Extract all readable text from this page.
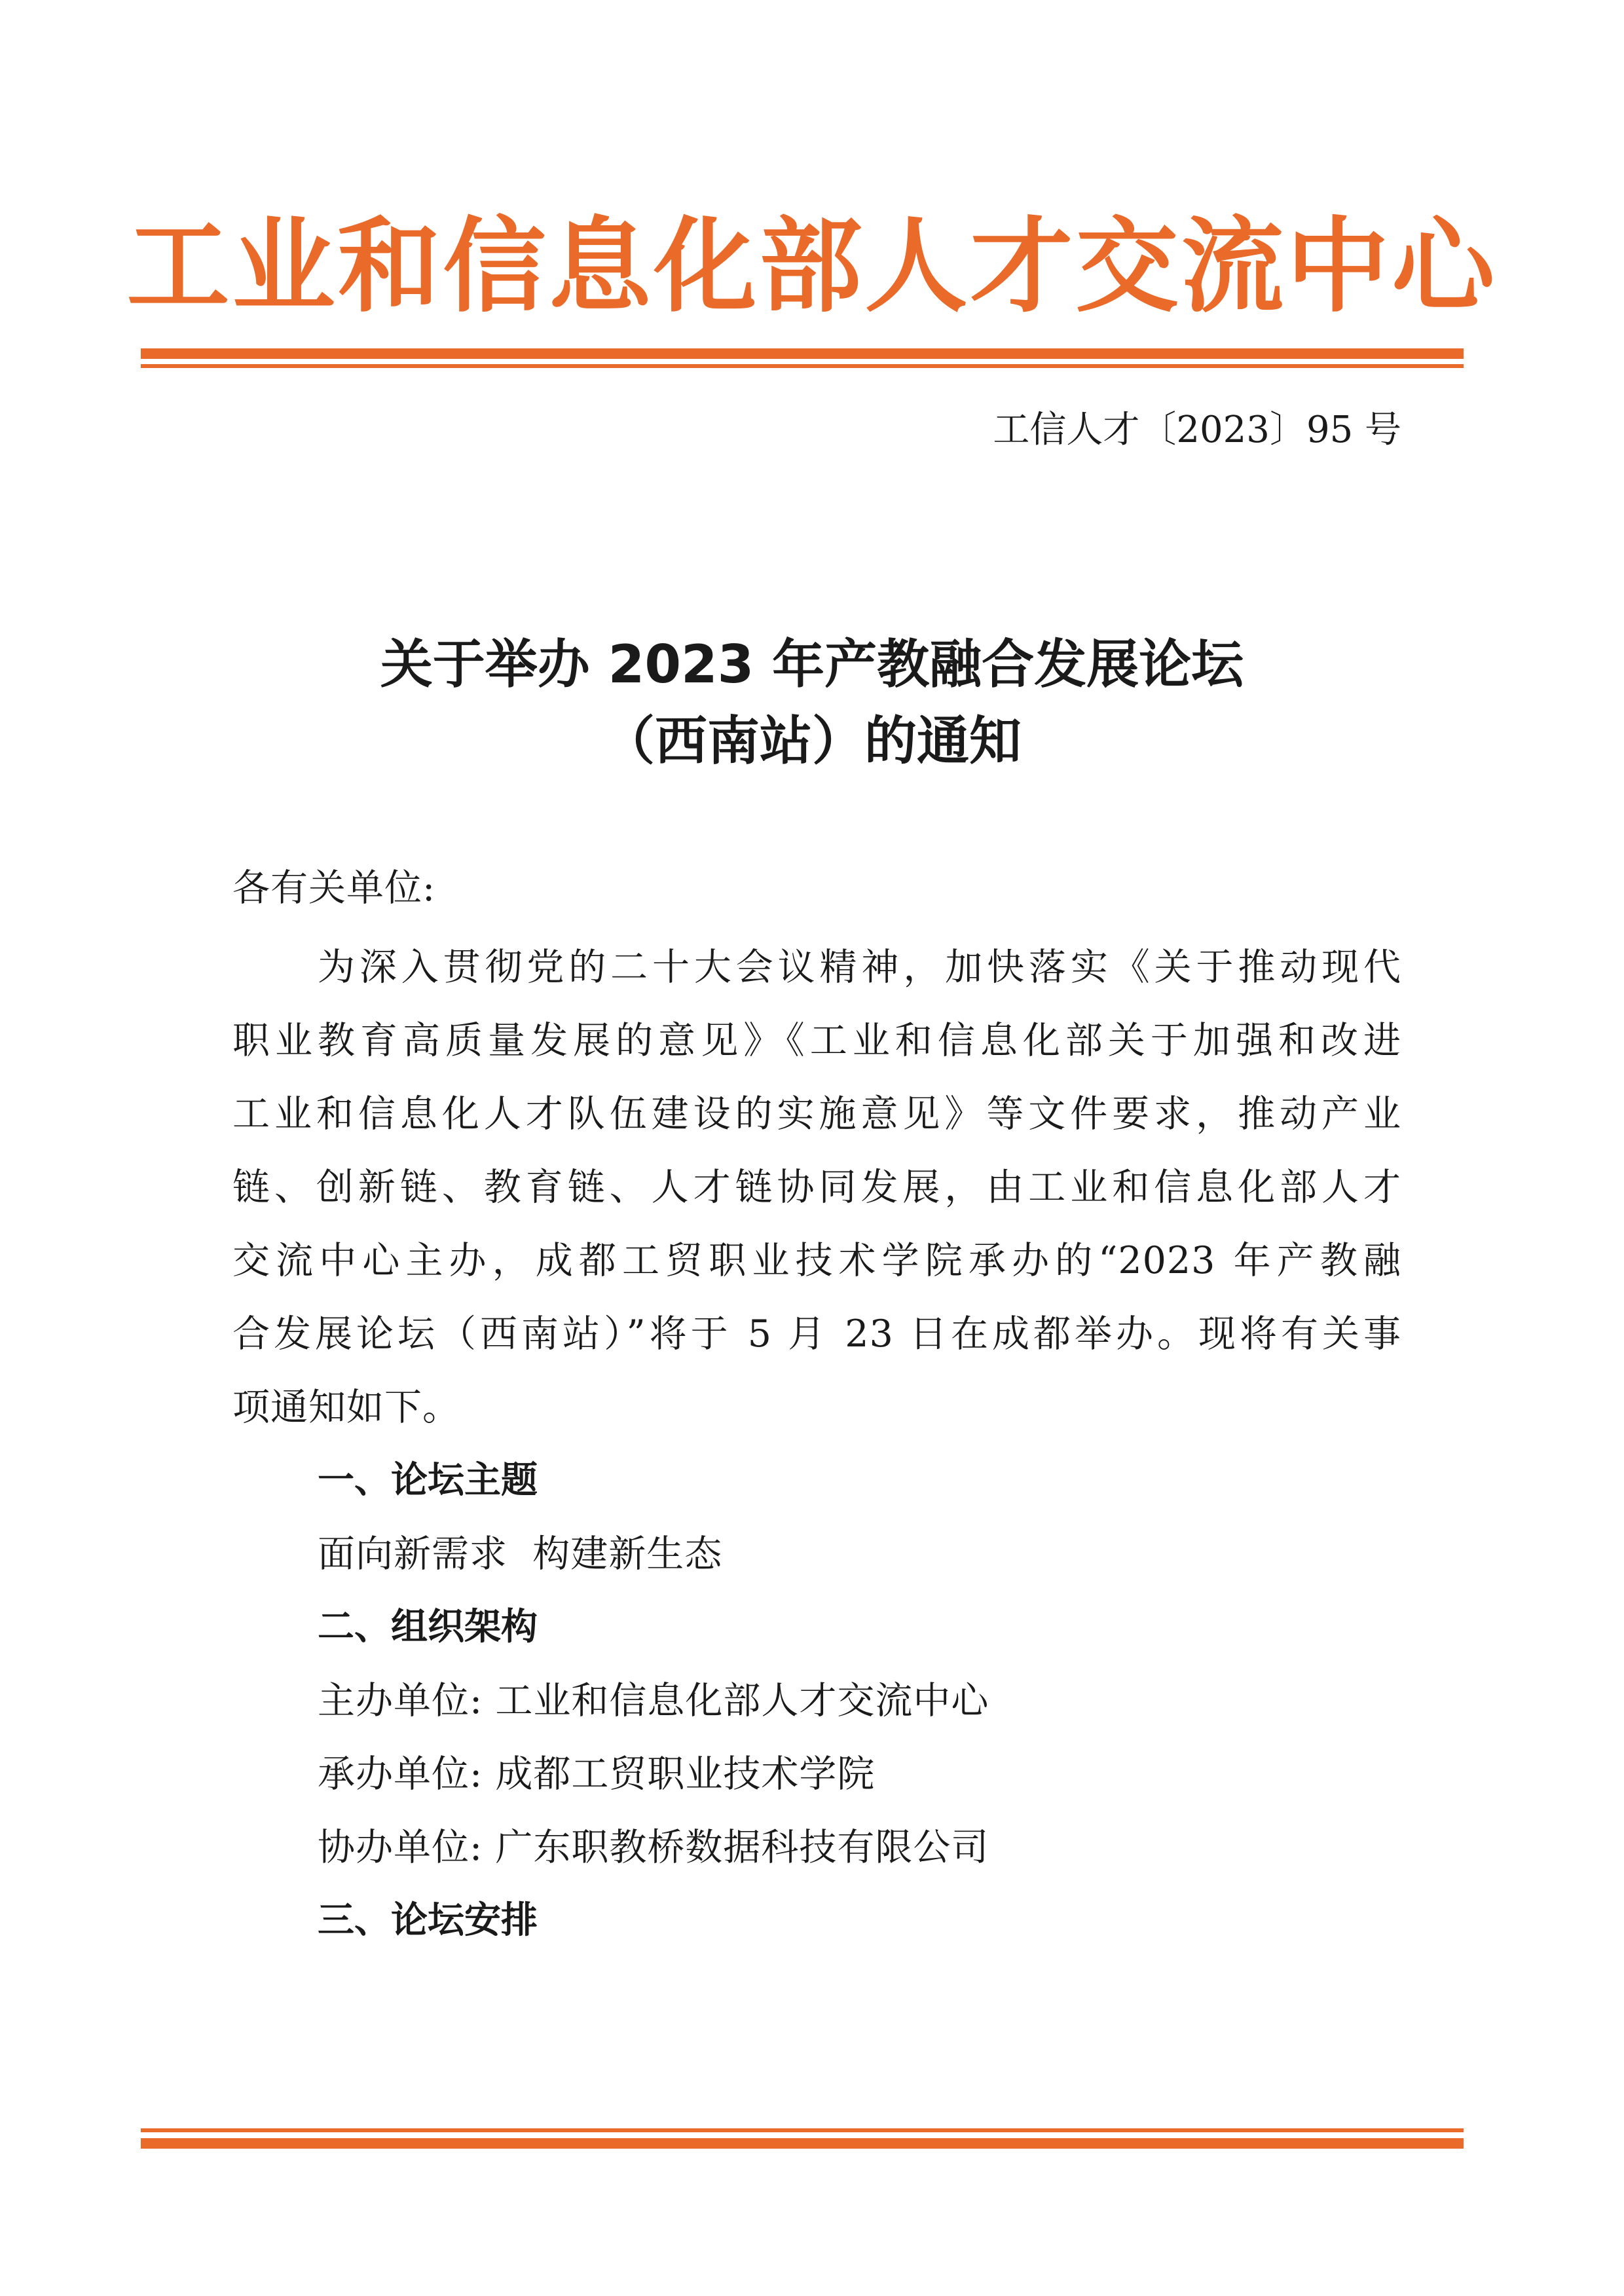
工业和信息化部人才交流中心
工信人才〔2023〕95 号
关于举办 2023 年产教融合发展论坛
（西南站）的通知
各有关单位:
为深入贯彻党的二十大会议精神，加快落实《关于推动现代
职业教育高质量发展的意见》《工业和信息化部关于加强和改进
工业和信息化人才队伍建设的实施意见》等文件要求，推动产业
链、创新链、教育链、人才链协同发展，由工业和信息化部人才
交流中心主办，成都工贸职业技术学院承办的“2023 年产教融
合发展论坛（西南站）”将于 5 月 23 日在成都举办。现将有关事
项通知如下。
一、论坛主题
面向新需求  构建新生态
二、组织架构
主办单位: 工业和信息化部人才交流中心
承办单位: 成都工贸职业技术学院
协办单位: 广东职教桥数据科技有限公司
三、论坛安排
